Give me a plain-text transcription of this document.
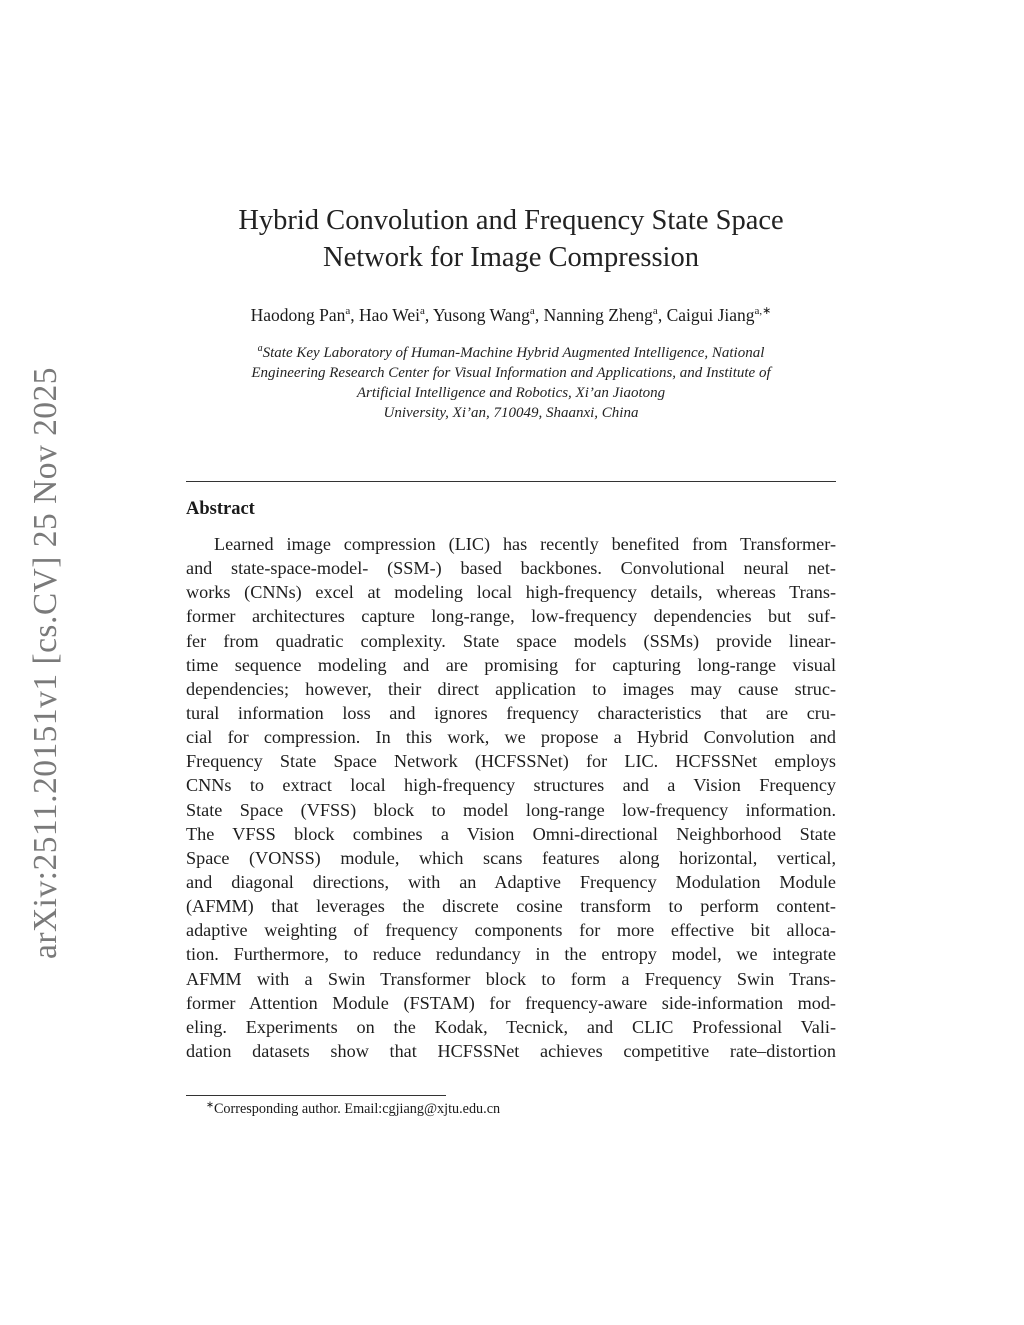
arXiv:2511.20151v1 [cs.CV] 25 Nov 2025
Hybrid Convolution and Frequency State Space
Network for Image Compression
Haodong Pan$^a$, Hao Wei$^a$, Yusong Wang$^a$, Nanning Zheng$^a$, Caigui Jiang$^{a,∗}$
$^a$State Key Laboratory of Human-Machine Hybrid Augmented Intelligence, National
Engineering Research Center for Visual Information and Applications, and Institute of
Artificial Intelligence and Robotics, Xi’an Jiaotong
University, Xi’an, 710049, Shaanxi, China
Abstract
Learned image compression (LIC) has recently benefited from Transformer-
and state-space-model- (SSM-) based backbones. Convolutional neural net-
works (CNNs) excel at modeling local high-frequency details, whereas Trans-
former architectures capture long-range, low-frequency dependencies but suf-
fer from quadratic complexity. State space models (SSMs) provide linear-
time sequence modeling and are promising for capturing long-range visual
dependencies; however, their direct application to images may cause struc-
tural information loss and ignores frequency characteristics that are cru-
cial for compression. In this work, we propose a Hybrid Convolution and
Frequency State Space Network (HCFSSNet) for LIC. HCFSSNet employs
CNNs to extract local high-frequency structures and a Vision Frequency
State Space (VFSS) block to model long-range low-frequency information.
The VFSS block combines a Vision Omni-directional Neighborhood State
Space (VONSS) module, which scans features along horizontal, vertical,
and diagonal directions, with an Adaptive Frequency Modulation Module
(AFMM) that leverages the discrete cosine transform to perform content-
adaptive weighting of frequency components for more effective bit alloca-
tion. Furthermore, to reduce redundancy in the entropy model, we integrate
AFMM with a Swin Transformer block to form a Frequency Swin Trans-
former Attention Module (FSTAM) for frequency-aware side-information mod-
eling. Experiments on the Kodak, Tecnick, and CLIC Professional Vali-
dation datasets show that HCFSSNet achieves competitive rate–distortion
∗Corresponding author. Email:cgjiang@xjtu.edu.cn
